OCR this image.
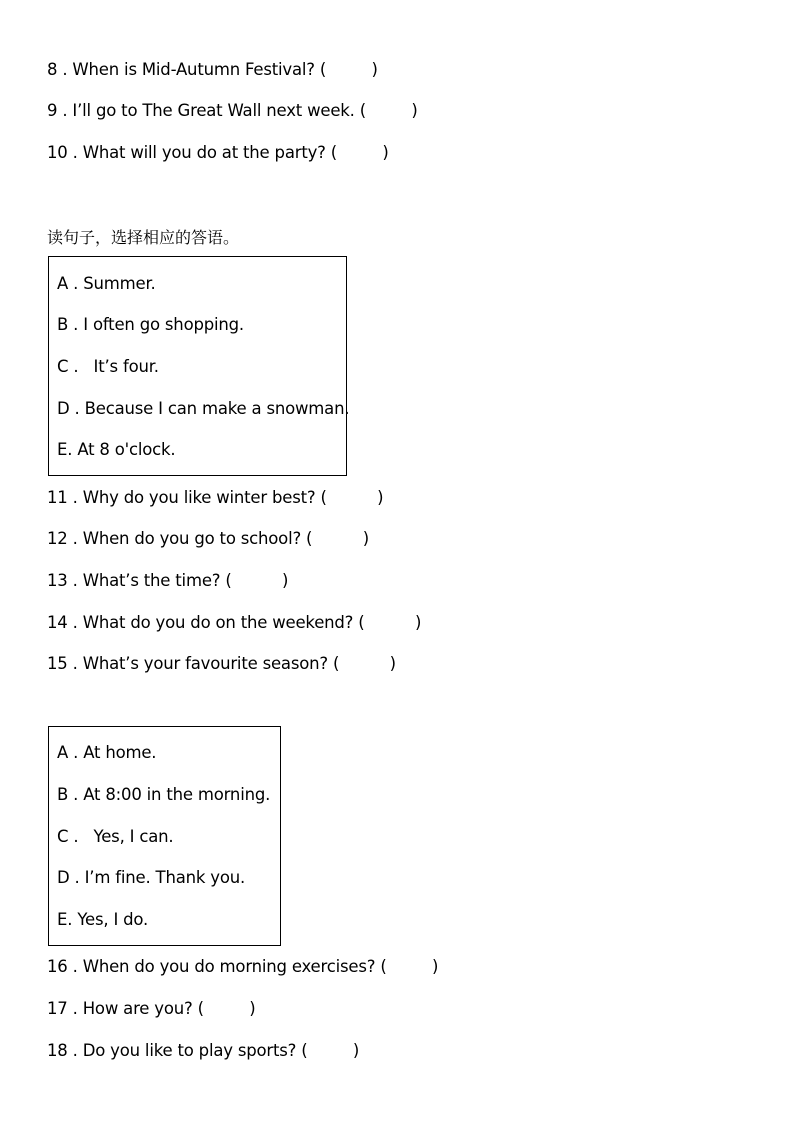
8 . When is Mid-Autumn Festival? (         )
9 . I’ll go to The Great Wall next week. (         )
10 . What will you do at the party? (         )
读句子，选择相应的答语。
A . Summer.
B . I often go shopping.
C .   It’s four.
D . Because I can make a snowman.
E. At 8 o'clock.
11 . Why do you like winter best? (          )
12 . When do you go to school? (          )
13 . What’s the time? (          )
14 . What do you do on the weekend? (          )
15 . What’s your favourite season? (          )
A . At home.
B . At 8:00 in the morning.
C .   Yes, I can.
D . I’m fine. Thank you.
E. Yes, I do.
16 . When do you do morning exercises? (         )
17 . How are you? (         )
18 . Do you like to play sports? (         )
